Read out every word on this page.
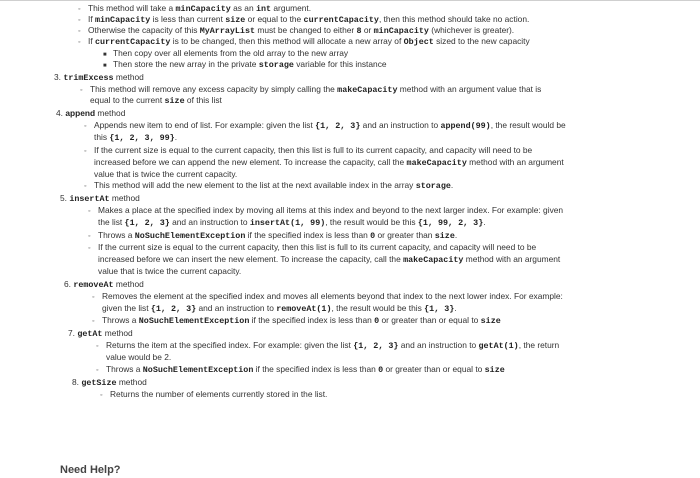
◦ This method will take a minCapacity as an int argument.
◦ If minCapacity is less than current size or equal to the currentCapacity, then this method should take no action.
◦ Otherwise the capacity of this MyArrayList must be changed to either 8 or minCapacity (whichever is greater).
◦ If currentCapacity is to be changed, then this method will allocate a new array of Object sized to the new capacity
■ Then copy over all elements from the old array to the new array
■ Then store the new array in the private storage variable for this instance
3. trimExcess method
◦ This method will remove any excess capacity by simply calling the makeCapacity method with an argument value that is
equal to the current size of this list
4. append method
◦ Appends new item to end of list. For example: given the list {1, 2, 3} and an instruction to append(99), the result would be
this {1, 2, 3, 99}.
◦ If the current size is equal to the current capacity, then this list is full to its current capacity, and capacity will need to be
increased before we can append the new element. To increase the capacity, call the makeCapacity method with an argument
value that is twice the current capacity.
◦ This method will add the new element to the list at the next available index in the array storage.
5. insertAt method
◦ Makes a place at the specified index by moving all items at this index and beyond to the next larger index. For example: given
the list {1, 2, 3} and an instruction to insertAt(1, 99), the result would be this {1, 99, 2, 3}.
◦ Throws a NoSuchElementException if the specified index is less than 0 or greater than size.
◦ If the current size is equal to the current capacity, then this list is full to its current capacity, and capacity will need to be
increased before we can insert the new element. To increase the capacity, call the makeCapacity method with an argument
value that is twice the current capacity.
6. removeAt method
◦ Removes the element at the specified index and moves all elements beyond that index to the next lower index. For example:
given the list {1, 2, 3} and an instruction to removeAt(1), the result would be this {1, 3}.
◦ Throws a NoSuchElementException if the specified index is less than 0 or greater than or equal to size
7. getAt method
◦ Returns the item at the specified index. For example: given the list {1, 2, 3} and an instruction to getAt(1), the return
value would be 2.
◦ Throws a NoSuchElementException if the specified index is less than 0 or greater than or equal to size
8. getSize method
◦ Returns the number of elements currently stored in the list.
Need Help?
